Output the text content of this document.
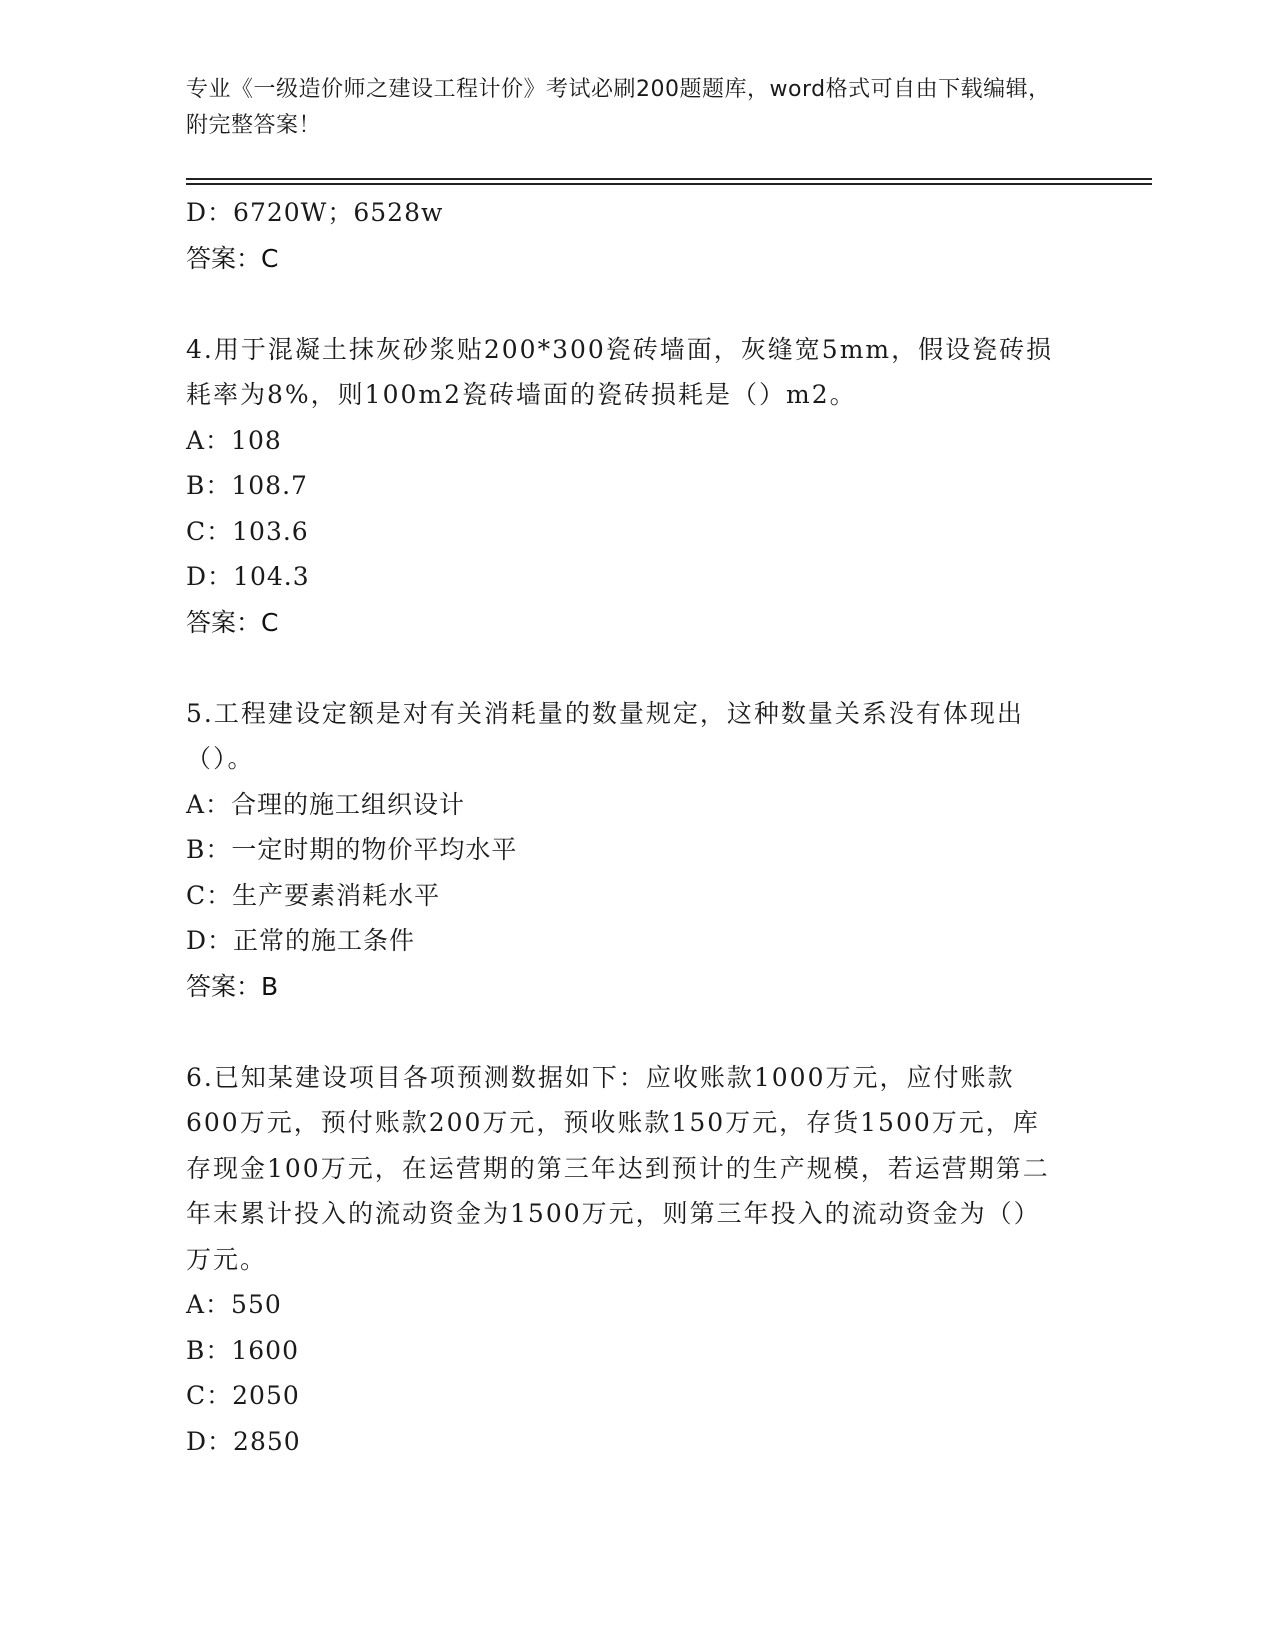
专业《一级造价师之建设工程计价》考试必刷200题题库，word格式可自由下载编辑，附完整答案！
D：6720W；6528w
答案：C
4.用于混凝土抹灰砂浆贴200*300瓷砖墙面，灰缝宽5mm，假设瓷砖损耗率为8%，则100m2瓷砖墙面的瓷砖损耗是（）m2。
A：108
B：108.7
C：103.6
D：104.3
答案：C
5.工程建设定额是对有关消耗量的数量规定，这种数量关系没有体现出（）。
A：合理的施工组织设计
B：一定时期的物价平均水平
C：生产要素消耗水平
D：正常的施工条件
答案：B
6.已知某建设项目各项预测数据如下：应收账款1000万元，应付账款600万元，预付账款200万元，预收账款150万元，存货1500万元，库存现金100万元，在运营期的第三年达到预计的生产规模，若运营期第二年末累计投入的流动资金为1500万元，则第三年投入的流动资金为（）万元。
A：550
B：1600
C：2050
D：2850
